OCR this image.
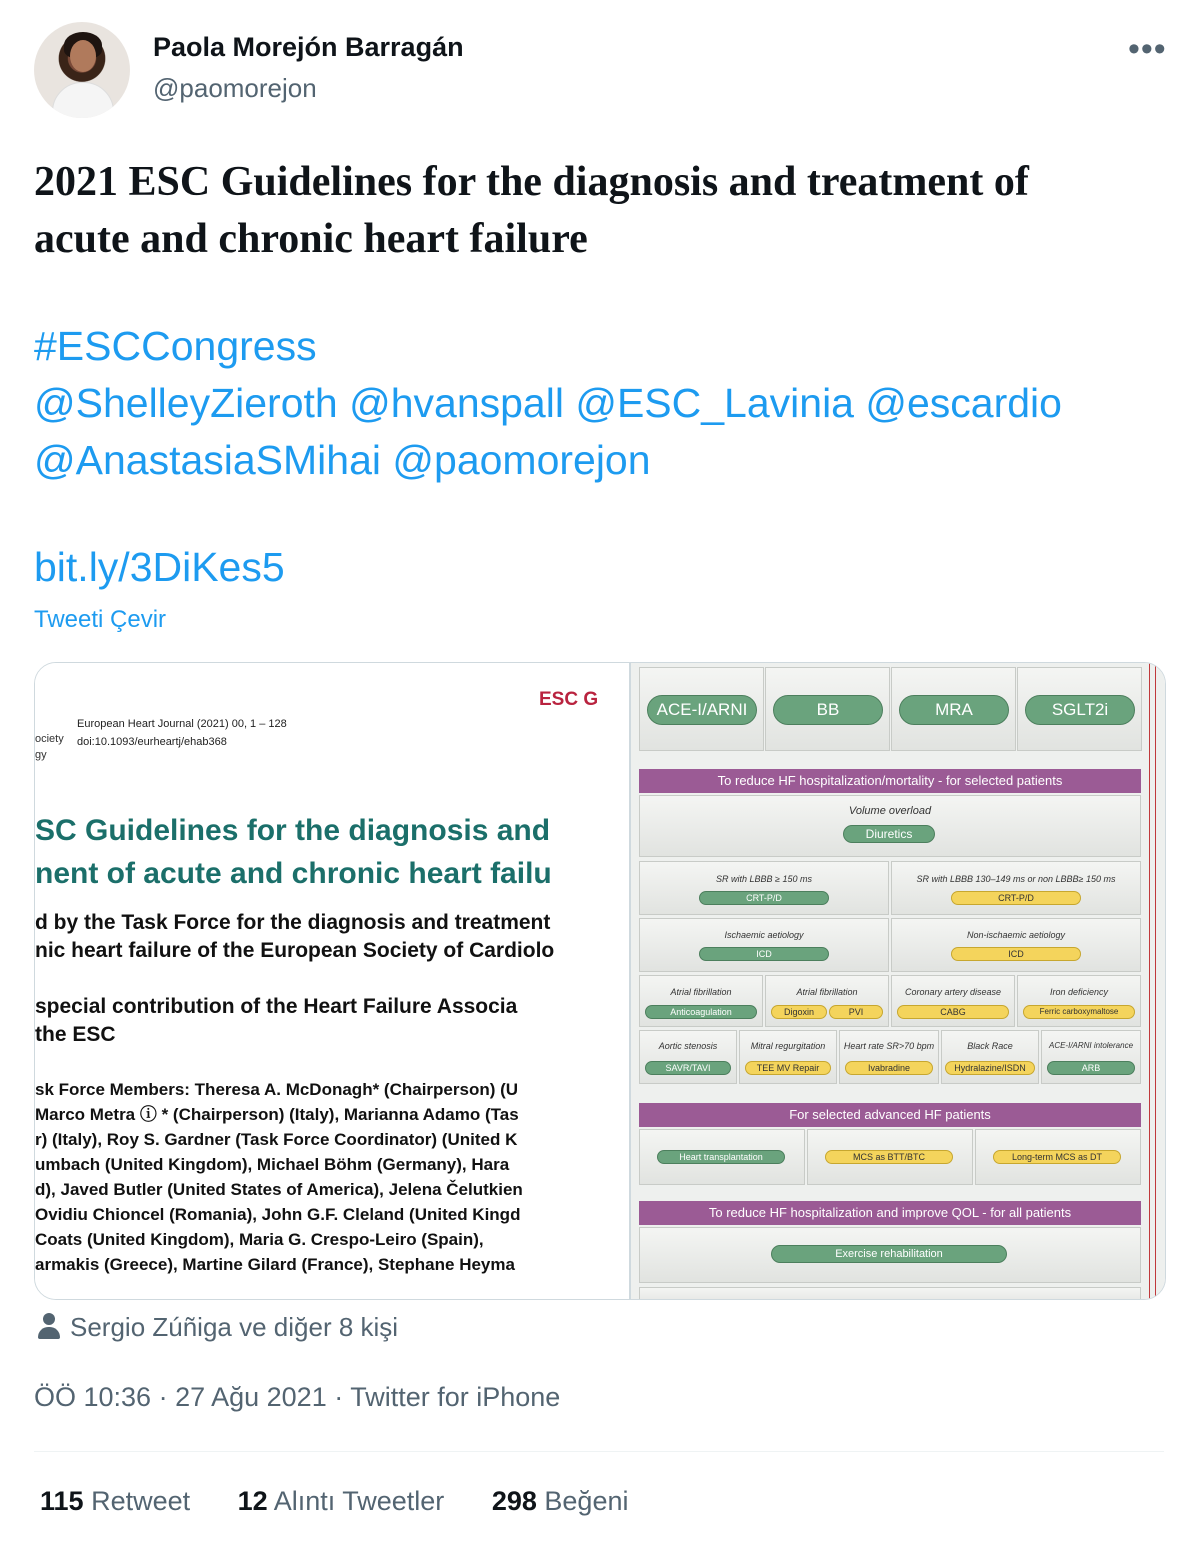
Paola Morejón Barragán
@paomorejon
•••
2021 ESC Guidelines for the diagnosis and treatment of
acute and chronic heart failure
#ESCCongress
@ShelleyZieroth @hvanspall @ESC_Lavinia @escardio
@AnastasiaSMihai @paomorejon
bit.ly/3DiKes5
Tweeti Çevir
ESC G
European Heart Journal (2021) 00, 1 – 128
doi:10.1093/eurheartj/ehab368
ociety
gy
SC Guidelines for the diagnosis and
nent of acute and chronic heart failu
d by the Task Force for the diagnosis and treatment
nic heart failure of the European Society of Cardiolo
special contribution of the Heart Failure Associa
the ESC
sk Force Members: Theresa A. McDonagh* (Chairperson) (U
Marco Metra ⓘ * (Chairperson) (Italy), Marianna Adamo (Tas
r) (Italy), Roy S. Gardner (Task Force Coordinator) (United K
umbach (United Kingdom), Michael Böhm (Germany), Hara
d), Javed Butler (United States of America), Jelena Čelutkien
Ovidiu Chioncel (Romania), John G.F. Cleland (United Kingd
Coats (United Kingdom), Maria G. Crespo-Leiro (Spain),
armakis (Greece), Martine Gilard (France), Stephane Heyma
ACE-I/ARNI	BB	MRA	SGLT2i
To reduce HF hospitalization/mortality - for selected patients
Volume overload
Diuretics
SR with LBBB ≥ 150 ms	SR with LBBB 130–149 ms or non LBBB≥ 150 ms
CRT-P/D	CRT-P/D
Ischaemic aetiology	Non-ischaemic aetiology
ICD	ICD
Atrial fibrillation	Atrial fibrillation	Coronary artery disease	Iron deficiency
Anticoagulation	Digoxin	PVI	CABG	Ferric carboxymaltose
Aortic stenosis	Mitral regurgitation	Heart rate SR>70 bpm	Black Race	ACE-I/ARNI intolerance
SAVR/TAVI	TEE MV Repair	Ivabradine	Hydralazine/ISDN	ARB
For selected advanced HF patients
Heart transplantation	MCS as BTT/BTC	Long-term MCS as DT
To reduce HF hospitalization and improve QOL - for all patients
Exercise rehabilitation
Sergio Zúñiga ve diğer 8 kişi
ÖÖ 10:36 · 27 Ağu 2021 · Twitter for iPhone
115 Retweet 12 Alıntı Tweetler 298 Beğeni
